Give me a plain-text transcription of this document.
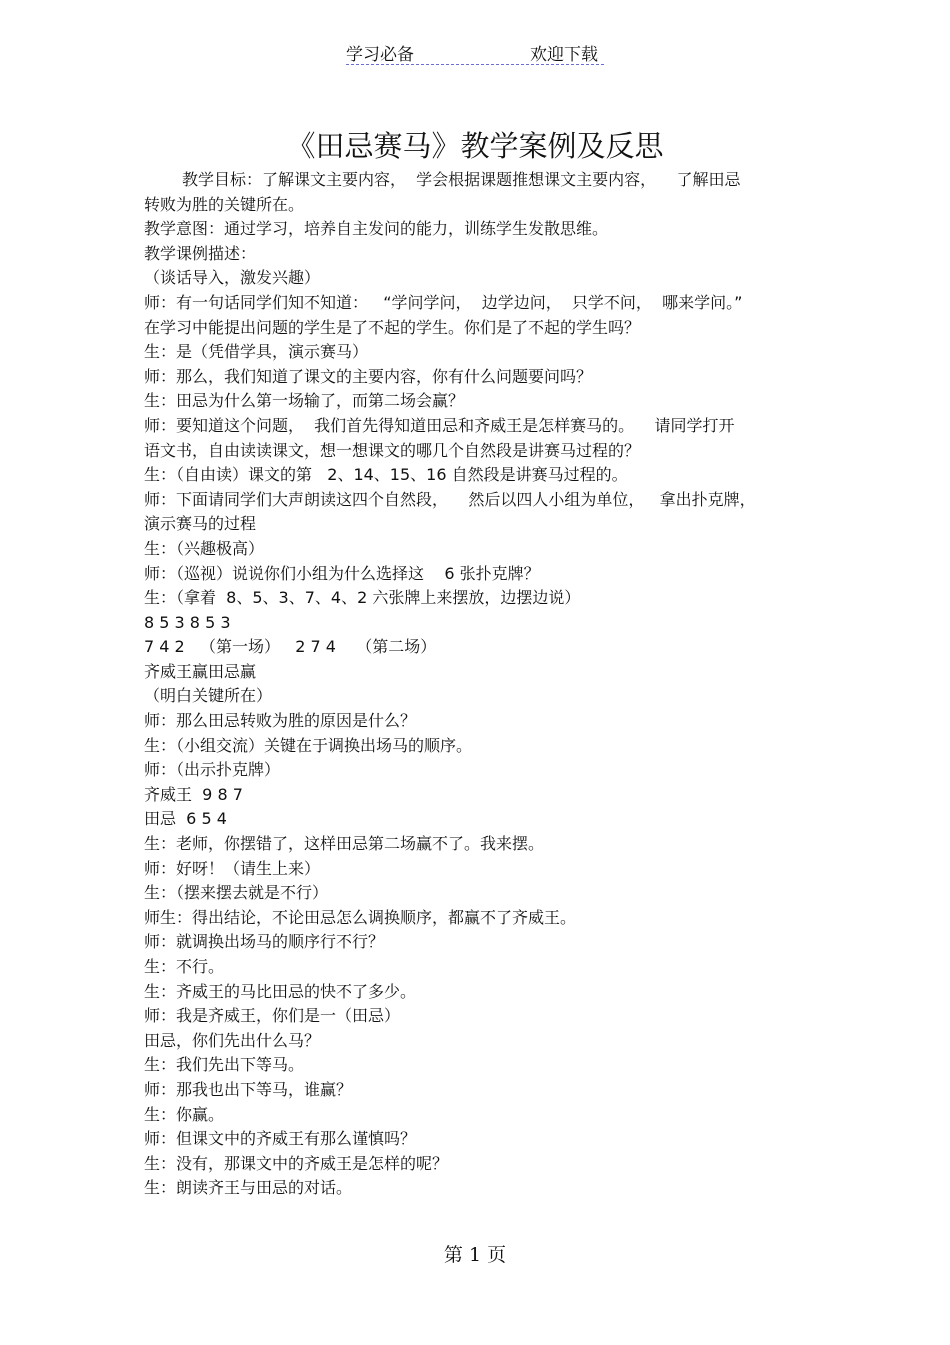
学习必备	欢迎下载
《田忌赛马》教学案例及反思
教学目标：了解课文主要内容，  学会根据课题推想课文主要内容，    了解田忌
转败为胜的关键所在。
教学意图：通过学习，培养自主发问的能力，训练学生发散思维。
教学课例描述：
（谈话导入，激发兴趣）
师：有一句话同学们知不知道：   “学问学问，  边学边问，  只学不问，  哪来学问。”
在学习中能提出问题的学生是了不起的学生。你们是了不起的学生吗？
生：是（凭借学具，演示赛马）
师：那么，我们知道了课文的主要内容，你有什么问题要问吗？
生：田忌为什么第一场输了，而第二场会赢？
师：要知道这个问题，  我们首先得知道田忌和齐威王是怎样赛马的。    请同学打开
语文书，自由读读课文，想一想课文的哪几个自然段是讲赛马过程的？
生：（自由读）课文的第   2、14、15、16 自然段是讲赛马过程的。
师：下面请同学们大声朗读这四个自然段，    然后以四人小组为单位，   拿出扑克牌，
演示赛马的过程
生：（兴趣极高）
师：（巡视）说说你们小组为什么选择这    6 张扑克牌？
生：（拿着  8、5、3、7、4、2 六张牌上来摆放，边摆边说）
8 5 3 8 5 3
7 4 2   （第一场）   2 7 4    （第二场）
齐威王赢田忌赢
（明白关键所在）
师：那么田忌转败为胜的原因是什么？
生：（小组交流）关键在于调换出场马的顺序。
师：（出示扑克牌）
齐威王  9 8 7
田忌  6 5 4
生：老师，你摆错了，这样田忌第二场赢不了。我来摆。
师：好呀！（请生上来）
生：（摆来摆去就是不行）
师生：得出结论，不论田忌怎么调换顺序，都赢不了齐威王。
师：就调换出场马的顺序行不行？
生：不行。
生：齐威王的马比田忌的快不了多少。
师：我是齐威王，你们是一（田忌）
田忌，你们先出什么马？
生：我们先出下等马。
师：那我也出下等马，谁赢？
生：你赢。
师：但课文中的齐威王有那么谨慎吗？
生：没有，那课文中的齐威王是怎样的呢？
生：朗读齐王与田忌的对话。
第 1 页
